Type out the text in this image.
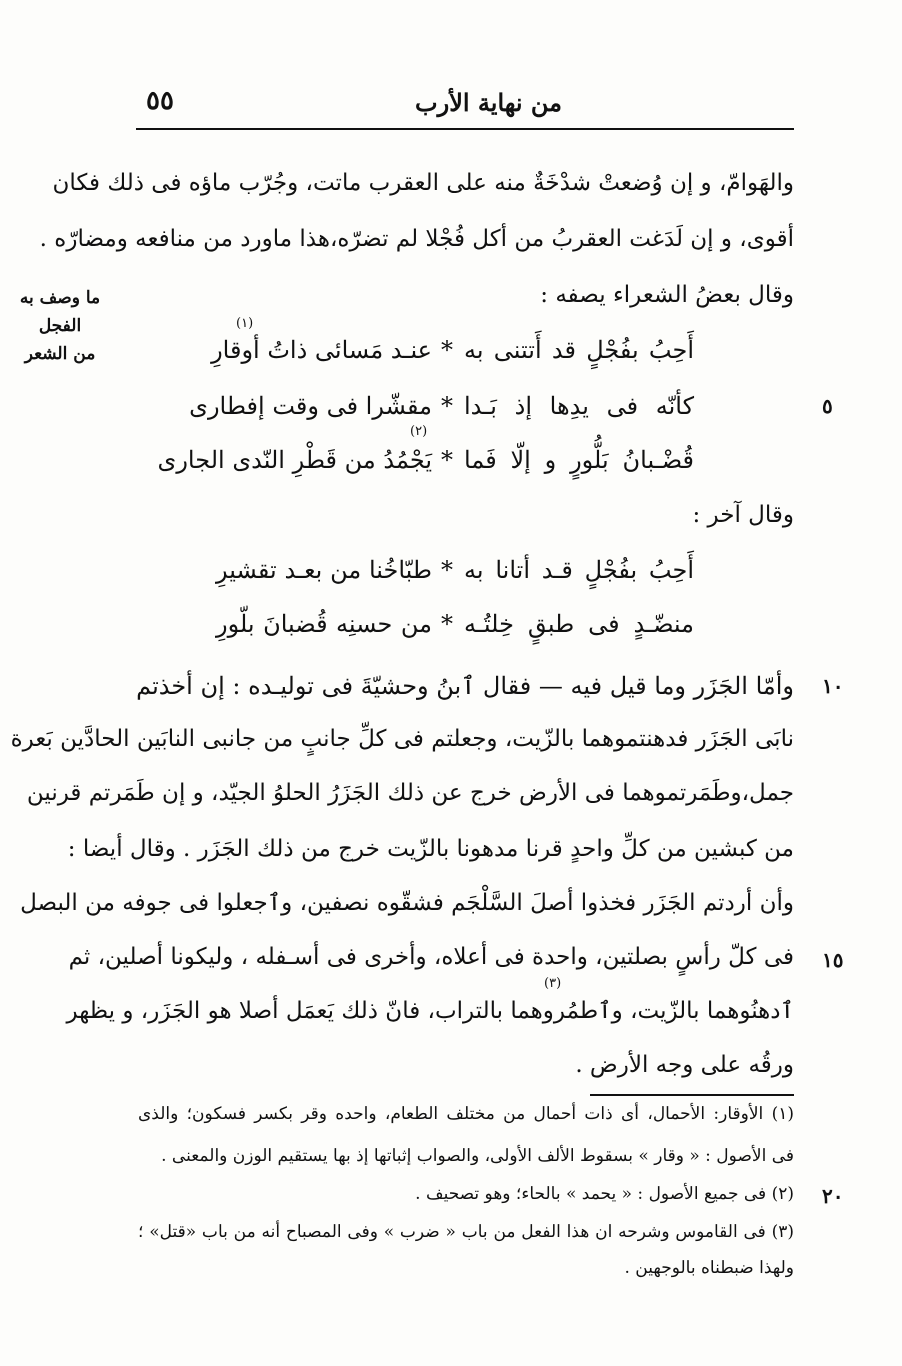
من نهاية الأرب
٥٥
ما وصف به الفجل
من الشعر
٥
١٠
١٥
٢٠
والهَوامّ، و إن وُضعتْ شدْخَةٌ منه على العقرب ماتت، وجُرّب ماؤه فى ذلك فكان
أقوى، و إن لَدَغت العقربُ من أكل فُجْلا لم تضرّه،هذا ماورد من منافعه ومضارّه .
وقال بعضُ الشعراء يصفه :
(١)
أَحِبُ بفُجْلٍ قد أَتتنى به
*
عنـد مَسائى ذاتُ أوقارِ
كأنّه فى يدِها إذ بَـدا
*
مقشّرا فى وقت إفطارى
(٢)
قُضْـبانُ بَلُّورٍ و إلّا فَما
*
يَجْمُدُ من قَطْرِ النّدى الجارى
وقال آخر :
أَحِبُ بفُجْلٍ قـد أتانا به
*
طبّاخُنا من بعـد تقشيرِ
منضّـدٍ فى طبقٍ خِلتُـه
*
من حسنِه قُضبانَ بلّورِ
وأمّا الجَزَر وما قيل فيه — فقال ٱبنُ وحشيّةَ فى توليـده : إن أخذتم
نابَى الجَزَر فدهنتموهما بالزّيت، وجعلتم فى كلِّ جانبٍ من جانبى النابَين الحادَّين بَعرة
جمل،وطَمَرتموهما فى الأرض خرج عن ذلك الجَزَرُ الحلوُ الجيّد، و إن طَمَرتم قرنين
من كبشين من كلِّ واحدٍ قرنا مدهونا بالزّيت خرج من ذلك الجَزَر . وقال أيضا :
وأن أردتم الجَزَر فخذوا أصلَ السَّلْجَم فشقّوه نصفين، وٱجعلوا فى جوفه من البصل
فى كلّ رأسٍ بصلتين، واحدة فى أعلاه، وأخرى فى أسـفله ، وليكونا أصلين، ثم
(٣)
ٱدهنُوهما بالزّيت، وٱطمُروهما بالتراب، فانّ ذلك يَعمَل أصلا هو الجَزَر، و يظهر
ورقُه على وجه الأرض .
(١) الأوقار: الأحمال، أى ذات أحمال من مختلف الطعام، واحده وقر بكسر فسكون؛ والذى
فى الأصول : « وقار » بسقوط الألف الأولى، والصواب إثباتها إذ بها يستقيم الوزن والمعنى .
(٢) فى جميع الأصول : « يحمد » بالحاء؛ وهو تصحيف .
(٣) فى القاموس وشرحه ان هذا الفعل من باب « ضرب » وفى المصباح أنه من باب «قتل» ؛
ولهذا ضبطناه بالوجهين .
